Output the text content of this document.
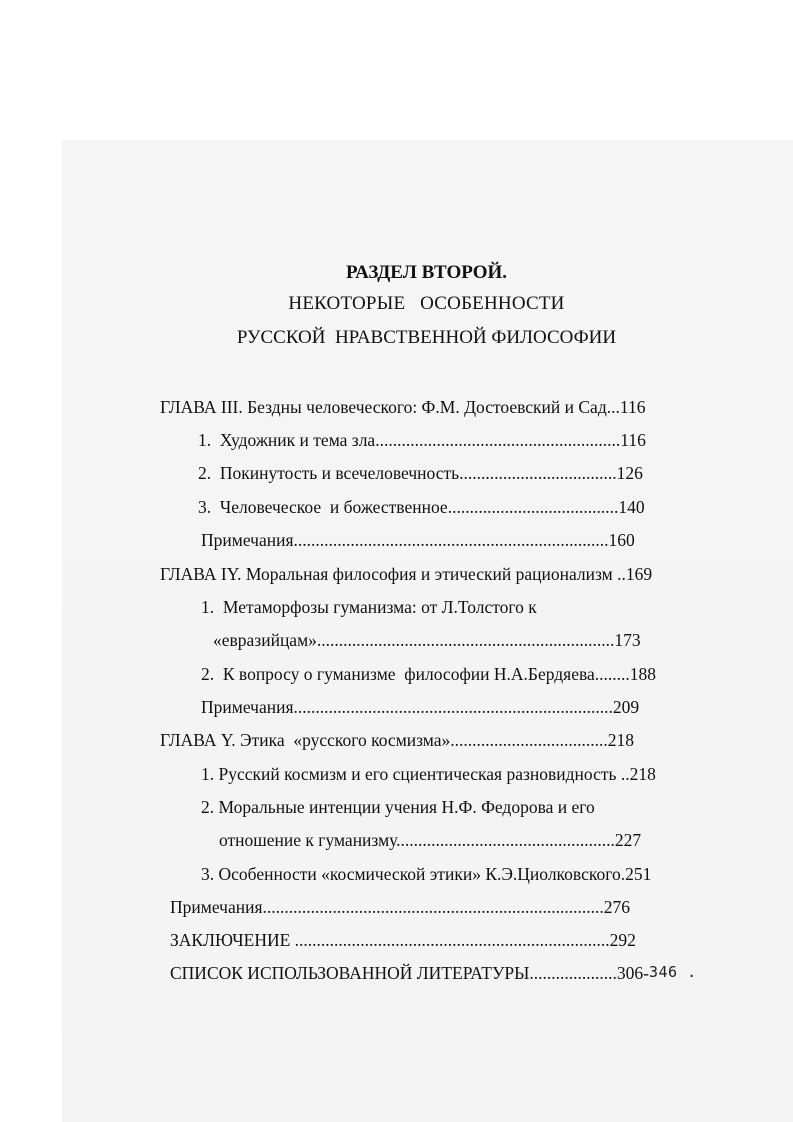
РАЗДЕЛ ВТОРОЙ.
НЕКОТОРЫЕ   ОСОБЕННОСТИ
РУССКОЙ  НРАВСТВЕННОЙ ФИЛОСОФИИ
ГЛАВА III. Бездны человеческого: Ф.М. Достоевский и Сад...116
1.  Художник и тема зла........................................................116
2.  Покинутость и всечеловечность....................................126
3.  Человеческое  и божественное.......................................140
Примечания........................................................................160
ГЛАВА IY. Моральная философия и этический рационализм ..169
1.  Метаморфозы гуманизма: от Л.Толстого к
«евразийцам»....................................................................173
2.  К вопросу о гуманизме  философии Н.А.Бердяева........188
Примечания.........................................................................209
ГЛАВА Y. Этика  «русского космизма»....................................218
1. Русский космизм и его сциентическая разновидность ..218
2. Моральные интенции учения Н.Ф. Федорова и его
отношение к гуманизму..................................................227
3. Особенности «космической этики» К.Э.Циолковского.251
Примечания..............................................................................276
ЗАКЛЮЧЕНИЕ ........................................................................292
СПИСОК ИСПОЛЬЗОВАННОЙ ЛИТЕРАТУРЫ....................306-346 .
